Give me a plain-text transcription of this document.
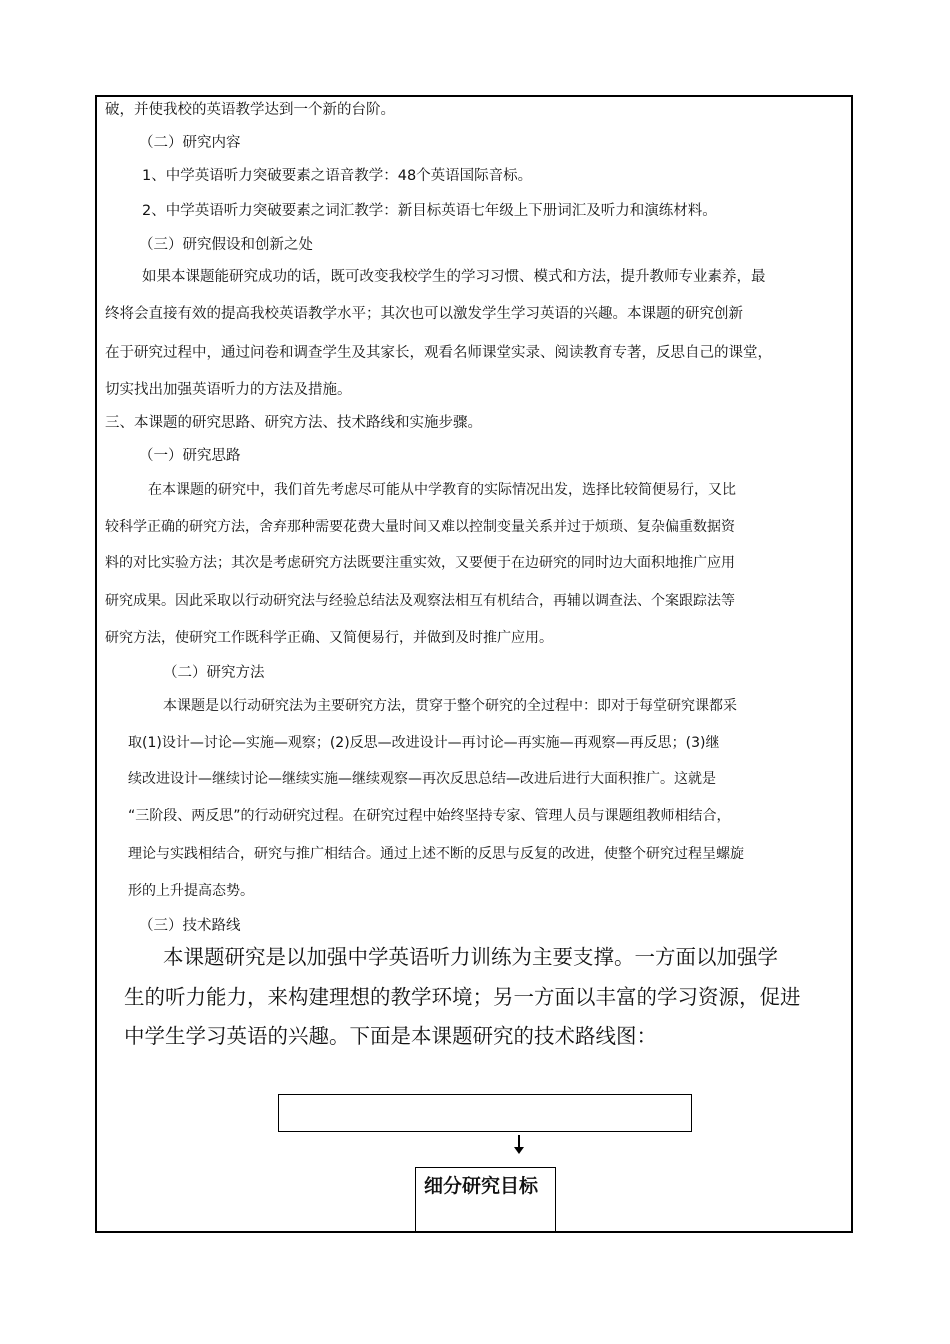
破，并使我校的英语教学达到一个新的台阶。
（二）研究内容
1、中学英语听力突破要素之语音教学：48个英语国际音标。
2、中学英语听力突破要素之词汇教学：新目标英语七年级上下册词汇及听力和演练材料。
（三）研究假设和创新之处
如果本课题能研究成功的话，既可改变我校学生的学习习惯、模式和方法，提升教师专业素养，最
终将会直接有效的提高我校英语教学水平；其次也可以激发学生学习英语的兴趣。本课题的研究创新
在于研究过程中，通过问卷和调查学生及其家长，观看名师课堂实录、阅读教育专著，反思自己的课堂，
切实找出加强英语听力的方法及措施。
三、本课题的研究思路、研究方法、技术路线和实施步骤。
（一）研究思路
在本课题的研究中，我们首先考虑尽可能从中学教育的实际情况出发，选择比较简便易行，又比
较科学正确的研究方法，舍弃那种需要花费大量时间又难以控制变量关系并过于烦琐、复杂偏重数据资
料的对比实验方法；其次是考虑研究方法既要注重实效，又要便于在边研究的同时边大面积地推广应用
研究成果。因此采取以行动研究法与经验总结法及观察法相互有机结合，再辅以调查法、个案跟踪法等
研究方法，使研究工作既科学正确、又简便易行，并做到及时推广应用。
（二）研究方法
本课题是以行动研究法为主要研究方法，贯穿于整个研究的全过程中：即对于每堂研究课都采
取(1)设计—讨论—实施—观察；(2)反思—改进设计—再讨论—再实施—再观察—再反思；(3)继
续改进设计—继续讨论—继续实施—继续观察—再次反思总结—改进后进行大面积推广。这就是
“三阶段、两反思”的行动研究过程。在研究过程中始终坚持专家、管理人员与课题组教师相结合，
理论与实践相结合，研究与推广相结合。通过上述不断的反思与反复的改进，使整个研究过程呈螺旋
形的上升提高态势。
（三）技术路线
本课题研究是以加强中学英语听力训练为主要支撑。一方面以加强学
生的听力能力，来构建理想的教学环境；另一方面以丰富的学习资源，促进
中学生学习英语的兴趣。下面是本课题研究的技术路线图：
细分研究目标
